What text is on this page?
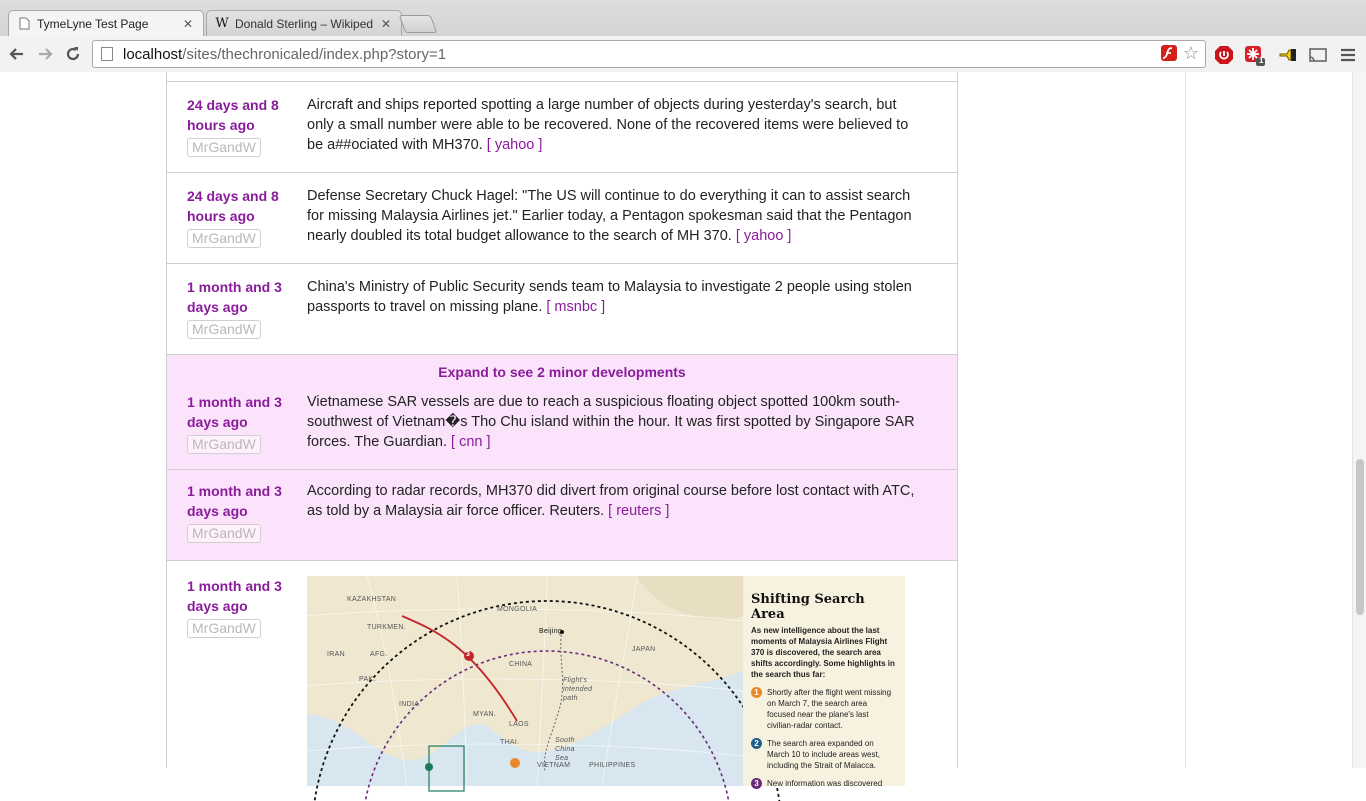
TymeLyne Test Page	✕ W Donald Sterling – Wikiped ✕
localhost /sites/thechronicaled/index.php?story=1	☆	1
24 days and 8 hours ago
MrGandW
Aircraft and ships reported spotting a large number of objects during yesterday's search, but only a small number were able to be recovered. None of the recovered items were believed to be a##ociated with MH370. [ yahoo ]
24 days and 8 hours ago
MrGandW
Defense Secretary Chuck Hagel: "The US will continue to do everything it can to assist search for missing Malaysia Airlines jet." Earlier today, a Pentagon spokesman said that the Pentagon nearly doubled its total budget allowance to the search of MH 370. [ yahoo ]
1 month and 3 days ago
MrGandW
China's Ministry of Public Security sends team to Malaysia to investigate 2 people using stolen passports to travel on missing plane. [ msnbc ]
Expand to see 2 minor developments
1 month and 3 days ago
MrGandW
Vietnamese SAR vessels are due to reach a suspicious floating object spotted 100km south-southwest of Vietnam�s Tho Chu island within the hour. It was first spotted by Singapore SAR forces. The Guardian. [ cnn ]
1 month and 3 days ago
MrGandW
According to radar records, MH370 did divert from original course before lost contact with ATC, as told by a Malaysia air force officer. Reuters. [ reuters ]
1 month and 3 days ago
MrGandW
3
KAZAKHSTAN
MONGOLIA
TURKMEN.
Beijing
IRAN	AFG.
JAPAN
CHINA
PAK.	Flight's intended path
INDIA
MYAN.
LAOS
South China Sea
THAI.
VIETNAM	PHILIPPINES
Shifting Search Area
As new intelligence about the last moments of Malaysia Airlines Flight 370 is discovered, the search area shifts accordingly. Some highlights in the search thus far:
1	Shortly after the flight went missing on March 7, the search area focused near the plane's last civilian-radar contact.
2	The search area expanded on March 10 to include areas west, including the Strait of Malacca.
3	New information was discovered
